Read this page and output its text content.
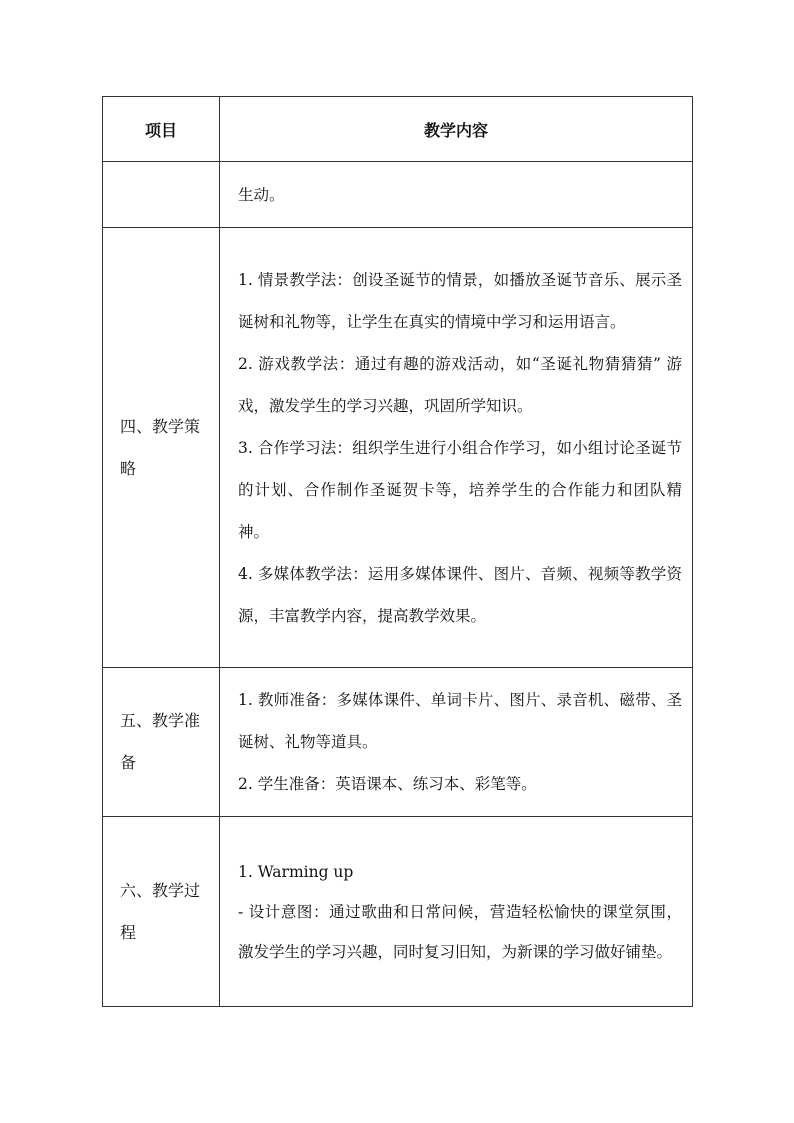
项目	教学内容

	生动。

四、教学策略	1. 情景教学法：创设圣诞节的情景，如播放圣诞节音乐、展示圣诞树和礼物等，让学生在真实的情境中学习和运用语言。

2. 游戏教学法：通过有趣的游戏活动，如“圣诞礼物猜猜猜” 游戏，激发学生的学习兴趣，巩固所学知识。

3. 合作学习法：组织学生进行小组合作学习，如小组讨论圣诞节的计划、合作制作圣诞贺卡等，培养学生的合作能力和团队精神。

4. 多媒体教学法：运用多媒体课件、图片、音频、视频等教学资源，丰富教学内容，提高教学效果。

五、教学准备	1. 教师准备：多媒体课件、单词卡片、图片、录音机、磁带、圣诞树、礼物等道具。

2. 学生准备：英语课本、练习本、彩笔等。

六、教学过程	1. Warming up

- 设计意图：通过歌曲和日常问候，营造轻松愉快的课堂氛围，激发学生的学习兴趣，同时复习旧知，为新课的学习做好铺垫。
